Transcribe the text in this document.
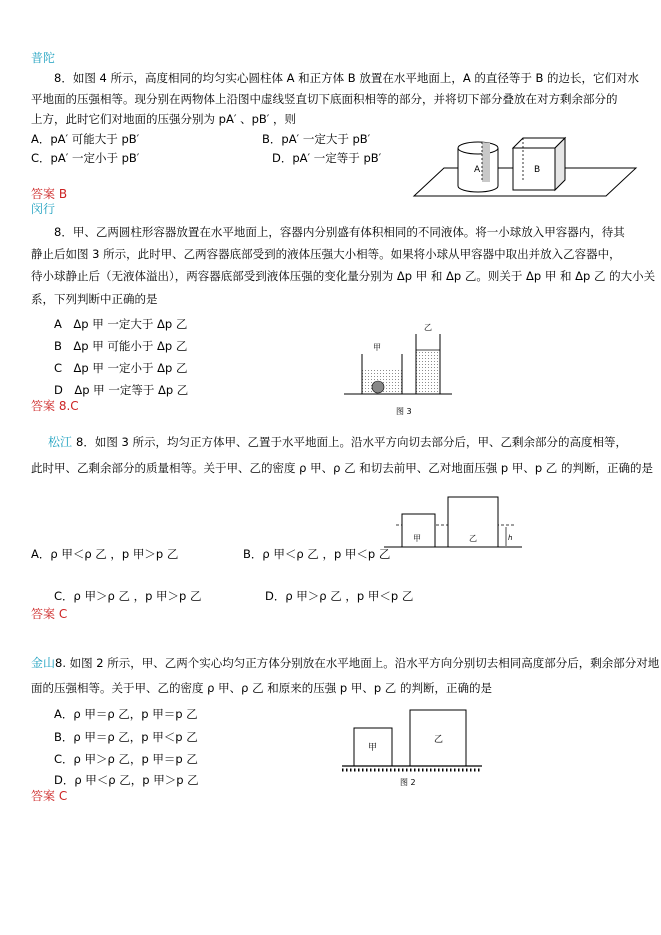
普陀
8．如图 4 所示，高度相同的均匀实心圆柱体 A 和正方体 B 放置在水平地面上，A 的直径等于 B 的边长，它们对水
平地面的压强相等。现分别在两物体上沿图中虚线竖直切下底面积相等的部分，并将切下部分叠放在对方剩余部分的
上方，此时它们对地面的压强分别为 pA′ 、pB′ ，则
A．pA′ 可能大于 pB′	B．pA′ 一定大于 pB′
C．pA′ 一定小于 pB′	D．pA′ 一定等于 pB′
答案 B
A	B
闵行
8．甲、乙两圆柱形容器放置在水平地面上，容器内分别盛有体积相同的不同液体。将一小球放入甲容器内，待其
静止后如图 3 所示，此时甲、乙两容器底部受到的液体压强大小相等。如果将小球从甲容器中取出并放入乙容器中，
待小球静止后（无液体溢出），两容器底部受到液体压强的变化量分别为 Δp 甲 和 Δp 乙。则关于 Δp 甲 和 Δp 乙 的大小关
系，下列判断中正确的是
A　Δp 甲 一定大于 Δp 乙
B　Δp 甲 可能小于 Δp 乙
C　Δp 甲 一定小于 Δp 乙
D　Δp 甲 一定等于 Δp 乙
答案 8.C
甲
乙
图 3
松江 8．如图 3 所示，均匀正方体甲、乙置于水平地面上。沿水平方向切去部分后，甲、乙剩余部分的高度相等，
此时甲、乙剩余部分的质量相等。关于甲、乙的密度 ρ 甲、ρ 乙 和切去前甲、乙对地面压强 p 甲、p 乙 的判断，正确的是
A．ρ 甲＜ρ 乙 ，p 甲＞p 乙	B．ρ 甲＜ρ 乙 ，p 甲＜p 乙
C．ρ 甲＞ρ 乙 ，p 甲＞p 乙	D．ρ 甲＞ρ 乙 ，p 甲＜p 乙
答案 C
甲	乙	h
金山 8. 如图 2 所示，甲、乙两个实心均匀正方体分别放在水平地面上。沿水平方向分别切去相同高度部分后，剩余部分对地
面的压强相等。关于甲、乙的密度 ρ 甲、ρ 乙 和原来的压强 p 甲、p 乙 的判断，正确的是
A．ρ 甲＝ρ 乙，p 甲＝p 乙
B．ρ 甲＝ρ 乙，p 甲＜p 乙
C．ρ 甲＞ρ 乙，p 甲＝p 乙
D．ρ 甲＜ρ 乙，p 甲＞p 乙
答案 C
甲
乙
图 2
